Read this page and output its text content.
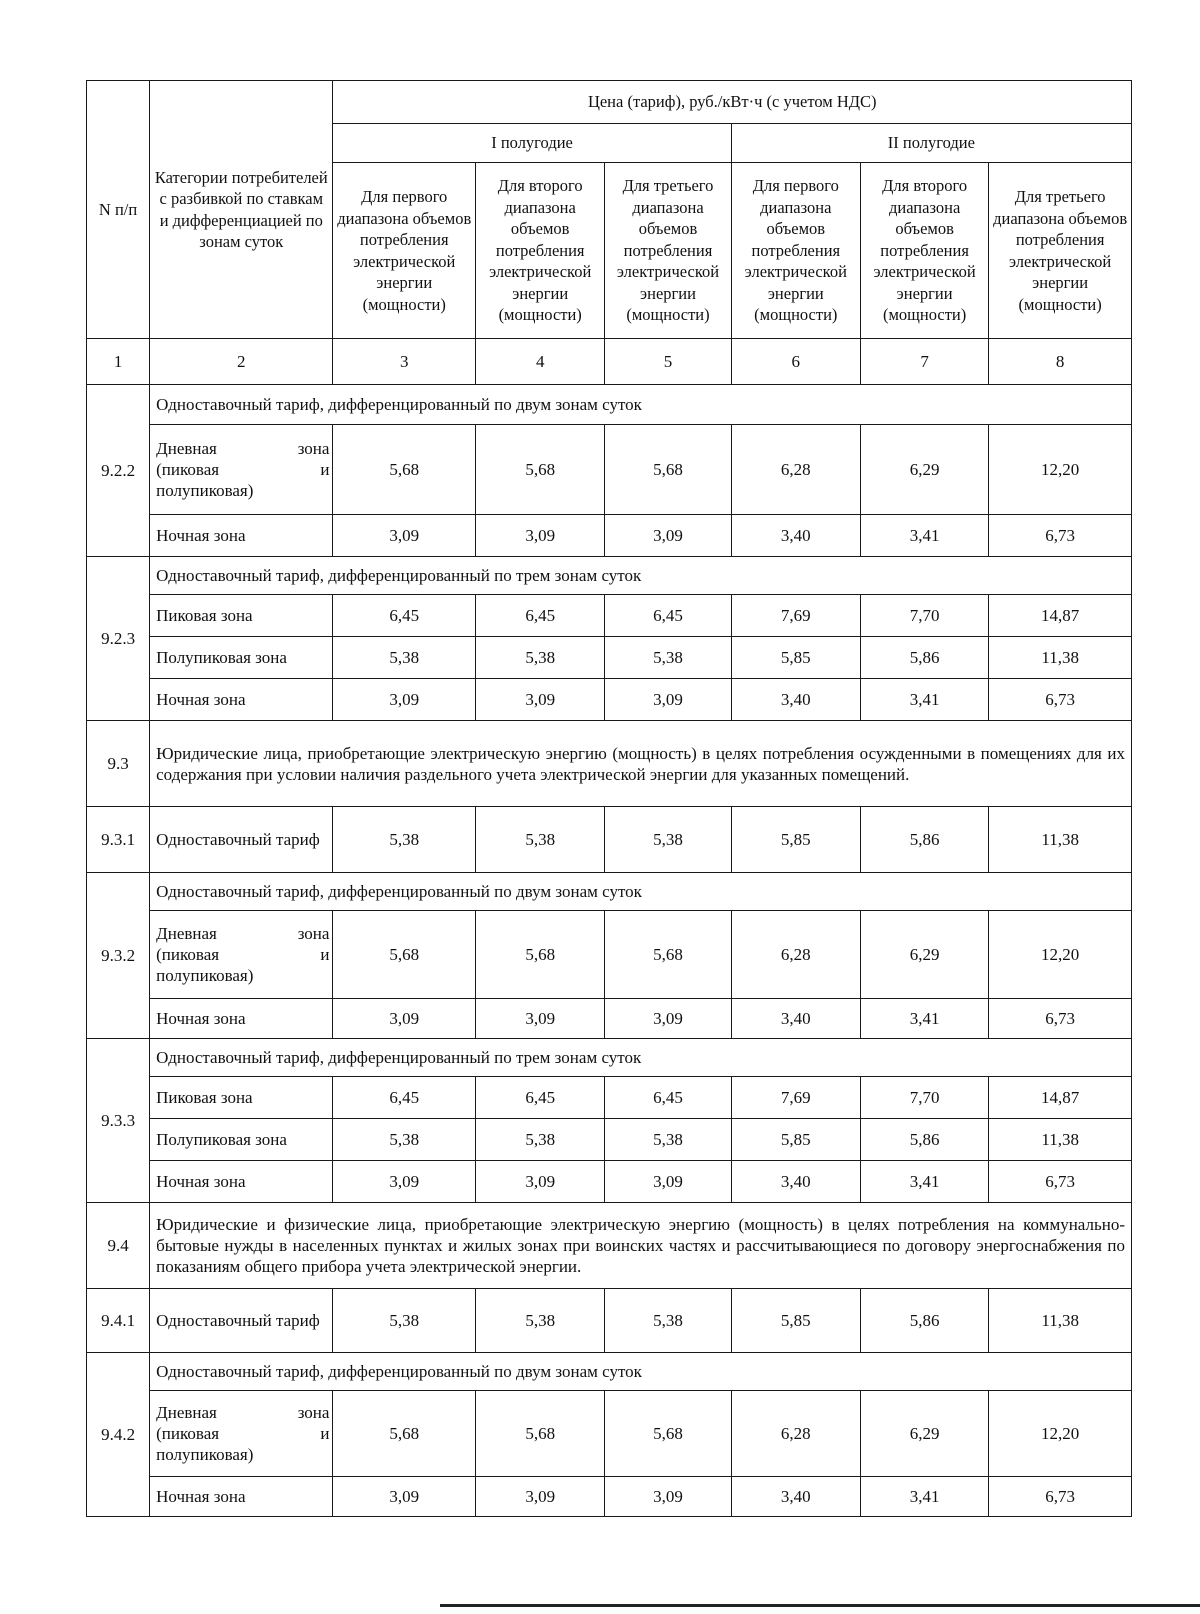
N п/п	Категории потребителей с разбивкой по ставкам и дифференциацией по зонам суток	Цена (тариф), руб./кВт·ч (с учетом НДС)					
		I полугодие			II полугодие		
		Для первого диапазона объемов потребления электрической энергии (мощности)	Для второго диапазона объемов потребления электрической энергии (мощности)	Для третьего диапазона объемов потребления электрической энергии (мощности)	Для первого диапазона объемов потребления электрической энергии (мощности)	Для второго диапазона объемов потребления электрической энергии (мощности)	Для третьего диапазона объемов потребления электрической энергии (мощности)
1	2	3	4	5	6	7	8
9.2.2	Одноставочный тариф, дифференцированный по двум зонам суток						

	Дневная зона
(пиковая и
полупиковая)	5,68	5,68	5,68	6,28	6,29	12,20
	Ночная зона	3,09	3,09	3,09	3,40	3,41	6,73
9.2.3	Одноставочный тариф, дифференцированный по трем зонам суток						
	Пиковая зона	6,45	6,45	6,45	7,69	7,70	14,87
	Полупиковая зона	5,38	5,38	5,38	5,85	5,86	11,38
	Ночная зона	3,09	3,09	3,09	3,40	3,41	6,73
9.3	Юридические лица, приобретающие электрическую энергию (мощность) в целях потребления осужденными в помещениях для их содержания при условии наличия раздельного учета электрической энергии для указанных помещений.						
9.3.1	Одноставочный тариф	5,38	5,38	5,38	5,85	5,86	11,38
9.3.2	Одноставочный тариф, дифференцированный по двум зонам суток						

	Дневная зона
(пиковая и
полупиковая)	5,68	5,68	5,68	6,28	6,29	12,20
	Ночная зона	3,09	3,09	3,09	3,40	3,41	6,73
9.3.3	Одноставочный тариф, дифференцированный по трем зонам суток						
	Пиковая зона	6,45	6,45	6,45	7,69	7,70	14,87
	Полупиковая зона	5,38	5,38	5,38	5,85	5,86	11,38
	Ночная зона	3,09	3,09	3,09	3,40	3,41	6,73
9.4	Юридические и физические лица, приобретающие электрическую энергию (мощность) в целях потребления на коммунально-бытовые нужды в населенных пунктах и жилых зонах при воинских частях и рассчитывающиеся по договору энергоснабжения по показаниям общего прибора учета электрической энергии.						
9.4.1	Одноставочный тариф	5,38	5,38	5,38	5,85	5,86	11,38
9.4.2	Одноставочный тариф, дифференцированный по двум зонам суток						

	Дневная зона
(пиковая и
полупиковая)	5,68	5,68	5,68	6,28	6,29	12,20
	Ночная зона	3,09	3,09	3,09	3,40	3,41	6,73
